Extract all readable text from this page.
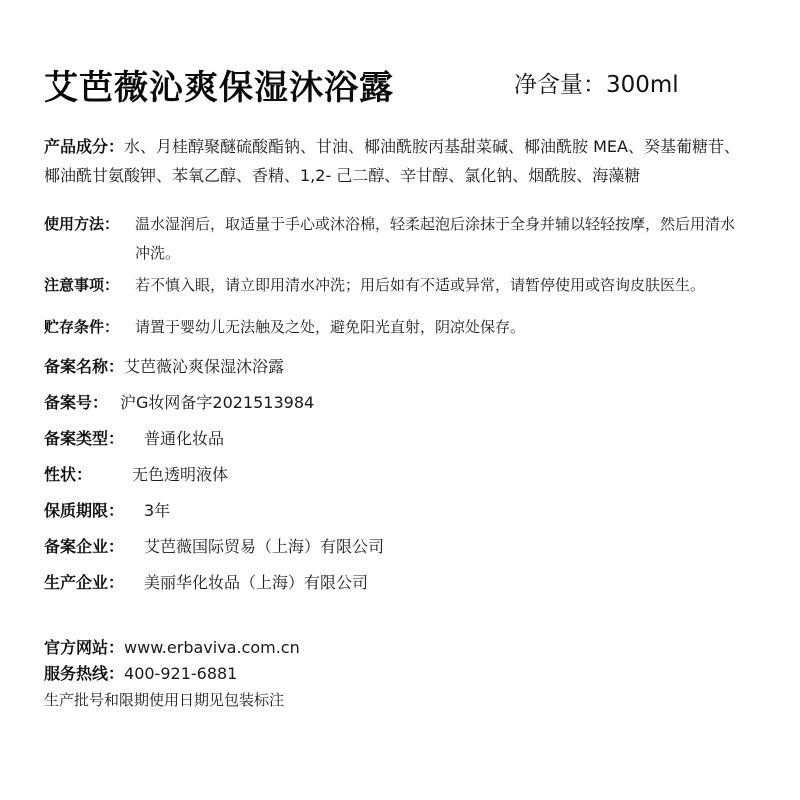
艾芭薇沁爽保湿沐浴露	净含量：300ml
产品成分：水、月桂醇聚醚硫酸酯钠、甘油、椰油酰胺丙基甜菜碱、椰油酰胺 MEA、癸基葡糖苷、
椰油酰甘氨酸钾、苯氧乙醇、香精、1,2- 己二醇、辛甘醇、氯化钠、烟酰胺、海藻糖
使用方法： 温水湿润后，取适量于手心或沐浴棉，轻柔起泡后涂抹于全身并辅以轻轻按摩，然后用清水
冲洗。
注意事项： 若不慎入眼，请立即用清水冲洗；用后如有不适或异常，请暂停使用或咨询皮肤医生。
贮存条件： 请置于婴幼儿无法触及之处，避免阳光直射，阴凉处保存。
备案名称：艾芭薇沁爽保湿沐浴露
备案号： 沪G妆网备字2021513984
备案类型： 普通化妆品
性状： 无色透明液体
保质期限： 3年
备案企业： 艾芭薇国际贸易（上海）有限公司
生产企业： 美丽华化妆品（上海）有限公司
官方网站：www.erbaviva.com.cn
服务热线：400-921-6881
生产批号和限期使用日期见包装标注
